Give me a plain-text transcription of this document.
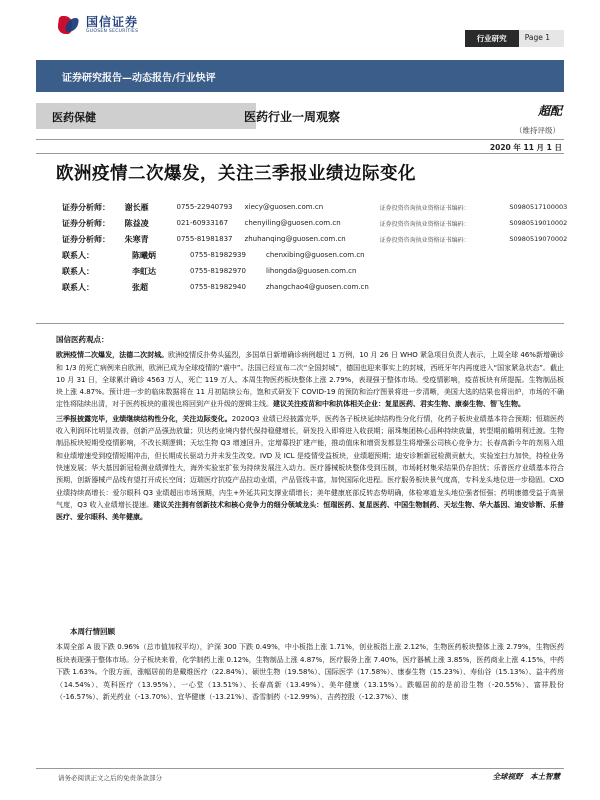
国信证券
GUOSEN SECURITIES
行业研究	Page 1
证券研究报告—动态报告/行业快评
医药保健	医药行业一周观察	超配
（维持评级）
2020 年 11 月 1 日
欧洲疫情二次爆发，关注三季报业绩边际变化
证券分析师：	谢长雁	0755-22940793	xiecy@guosen.com.cn	证券投资咨询执业资格证书编码：	S0980517100003
证券分析师：	陈益凌	021-60933167	chenyiling@guosen.com.cn	证券投资咨询执业资格证书编码：	S0980519010002
证券分析师：	朱寒青	0755-81981837	zhuhanqing@guosen.com.cn	证券投资咨询执业资格证书编码：	S0980519070002
联系人：	陈曦炳	0755-81982939	chenxibing@guosen.com.cn
联系人：	李虹达	0755-81982970	lihongda@guosen.com.cn
联系人：	张超	0755-81982940	zhangchao4@guosen.com.cn
国信医药观点：

欧洲疫情二次爆发，法德二次封城。欧洲疫情反扑势头猛烈，多国单日新增确诊病例超过 1 万例，10 月 26 日 WHO 紧急项目负责人表示，上周全球 46%新增确诊和 1/3 的死亡病例来自欧洲，欧洲已成为全球疫情的“震中”。法国已经宣布二次“全国封城”，德国也迎来事实上的封城，西班牙年内再度进入“国家紧急状态”。截止 10 月 31 日，全球累计确诊 4563 万人，死亡 119 万人。本周生物医药板块整体上涨 2.79%，表现强于整体市场。受疫情影响，疫苗板块有所提振。生物制品板块上涨 4.87%。预计进一步的临床数据将在 11 月初陆续公布，饱和式研发下 COVID-19 的预防和治疗图景将进一步清晰，美国大选的结果也将出炉，市场的不确定性将陆续出清，对于医药板块的重视也将回到产业升级的逻辑主线。建议关注疫苗和中和抗体相关企业：复星医药、君实生物、康泰生物、智飞生物。

三季报披露完毕，业绩继续结构性分化，关注边际变化。2020Q3 业绩已经披露完毕，医药各子板块延续结构性分化行情，化药子板块业绩基本符合预期；恒瑞医药收入利润环比明显改善，创新产品强劲放量；贝达药业境内替代保持稳健增长，研发投入即将进入收获期；丽珠集团核心品种持续放量，转型期前瞻明利迁渡。生物制品板块短期受疫情影响，不改长期逻辑；天坛生物 Q3 增速回升，定增募投扩建产能，推动值床和增资发都显生将增强公司核心竞争力；长春高新今年的剂易入组和业绩增速受到疫情短期冲击，但长期成长驱动力并未发生改变。IVD 及 ICL 是疫情受益板块，业绩超预期；迪安诊断新冠检测贡献大，实验室扫力加快，持检业务快速发展；华大基因新冠检测业绩弹性大，海外实验室扩张为持续发展注入动力。医疗器械板块整体受到压制，市场耗材集采结果仍存担忧；乐普医疗业绩基本符合预期，创新器械产品线有望打开成长空间；迈瑞医疗抗疫产品拉动业绩，产品管线丰富，加快国际化进程。医疗服务板块景气度高，专科龙头地位进一步稳固。CXO 业绩持续高增长：爱尔眼科 Q3 业绩超出市场预期，内生+外延共同支撑业绩增长；美年健康底部反转态势明确，体检寒道龙头地位强者恒强；药明康德受益于高景气度，Q3 收入业绩增长提速。建议关注拥有创新技术和核心竞争力的细分领域龙头：恒瑞医药、复星医药、中国生物制药、天坛生物、华大基因、迪安诊断、乐普医疗、爱尔眼科、美年健康。

本周行情回顾
本周全部 A 股下跌 0.96%（总市值加权平均），沪深 300 下跌 0.49%，中小板指上涨 1.71%，创业板指上涨 2.12%，生物医药板块整体上涨 2.79%，生物医药板块表现强于整体市场。分子板块来看，化学制药上涨 0.12%，生物制品上涨 4.87%，医疗服务上涨 7.40%，医疗器械上涨 3.85%，医药商业上涨 4.15%，中药下跌 1.63%。个股方面，涨幅居前的是戴维医疗（22.84%）、硕世生物（19.58%）、国际医学（17.58%）、康泰生物（15.23%）、寿仙谷（15.13%）、益丰药房（14.54%）、英科医疗（13.95%）、一心堂（13.51%）、长春高新（13.49%）、美年健康（13.15%）。跌幅居前的是前沿生物（-20.55%）、富祥股份（-16.57%）、新光药业（-13.70%）、宜华健康（-13.21%）、香雪制药（-12.99%）、吉药控股（-12.37%）、康
请务必阅读正文之后的免责条款部分	全球视野　本土智慧
